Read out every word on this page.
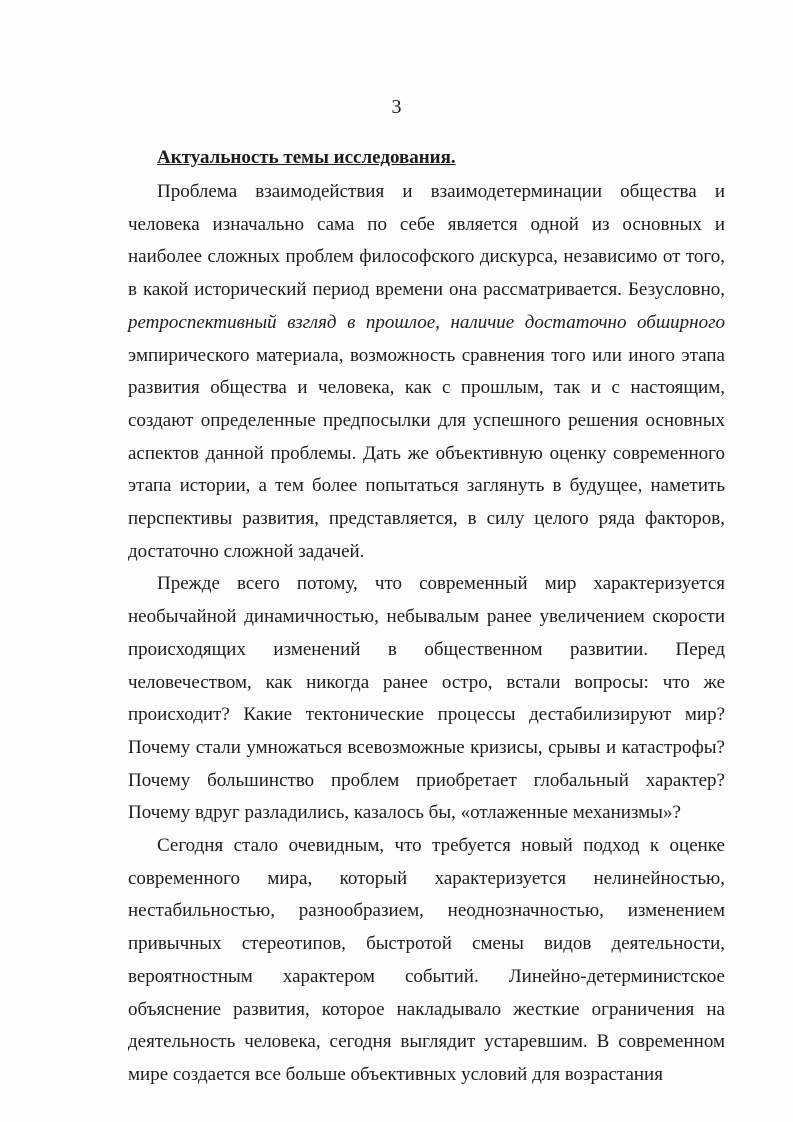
3
Актуальность темы исследования.

Проблема взаимодействия и взаимодетерминации общества и человека изначально сама по себе является одной из основных и наиболее сложных проблем философского дискурса, независимо от того, в какой исторический период времени она рассматривается. Безусловно, ретроспективный взгляд в прошлое, наличие достаточно обширного эмпирического материала, возможность сравнения того или иного этапа развития общества и человека, как с прошлым, так и с настоящим, создают определенные предпосылки для успешного решения основных аспектов данной проблемы. Дать же объективную оценку современного этапа истории, а тем более попытаться заглянуть в будущее, наметить перспективы развития, представляется, в силу целого ряда факторов, достаточно сложной задачей.

Прежде всего потому, что современный мир характеризуется необычайной динамичностью, небывалым ранее увеличением скорости происходящих изменений в общественном развитии. Перед человечеством, как никогда ранее остро, встали вопросы: что же происходит? Какие тектонические процессы дестабилизируют мир? Почему стали умножаться всевозможные кризисы, срывы и катастрофы? Почему большинство проблем приобретает глобальный характер? Почему вдруг разладились, казалось бы, «отлаженные механизмы»?

Сегодня стало очевидным, что требуется новый подход к оценке современного мира, который характеризуется нелинейностью, нестабильностью, разнообразием, неоднозначностью, изменением привычных стереотипов, быстротой смены видов деятельности, вероятностным характером событий. Линейно-детерминистское объяснение развития, которое накладывало жесткие ограничения на деятельность человека, сегодня выглядит устаревшим. В современном мире создается все больше объективных условий для возрастания
